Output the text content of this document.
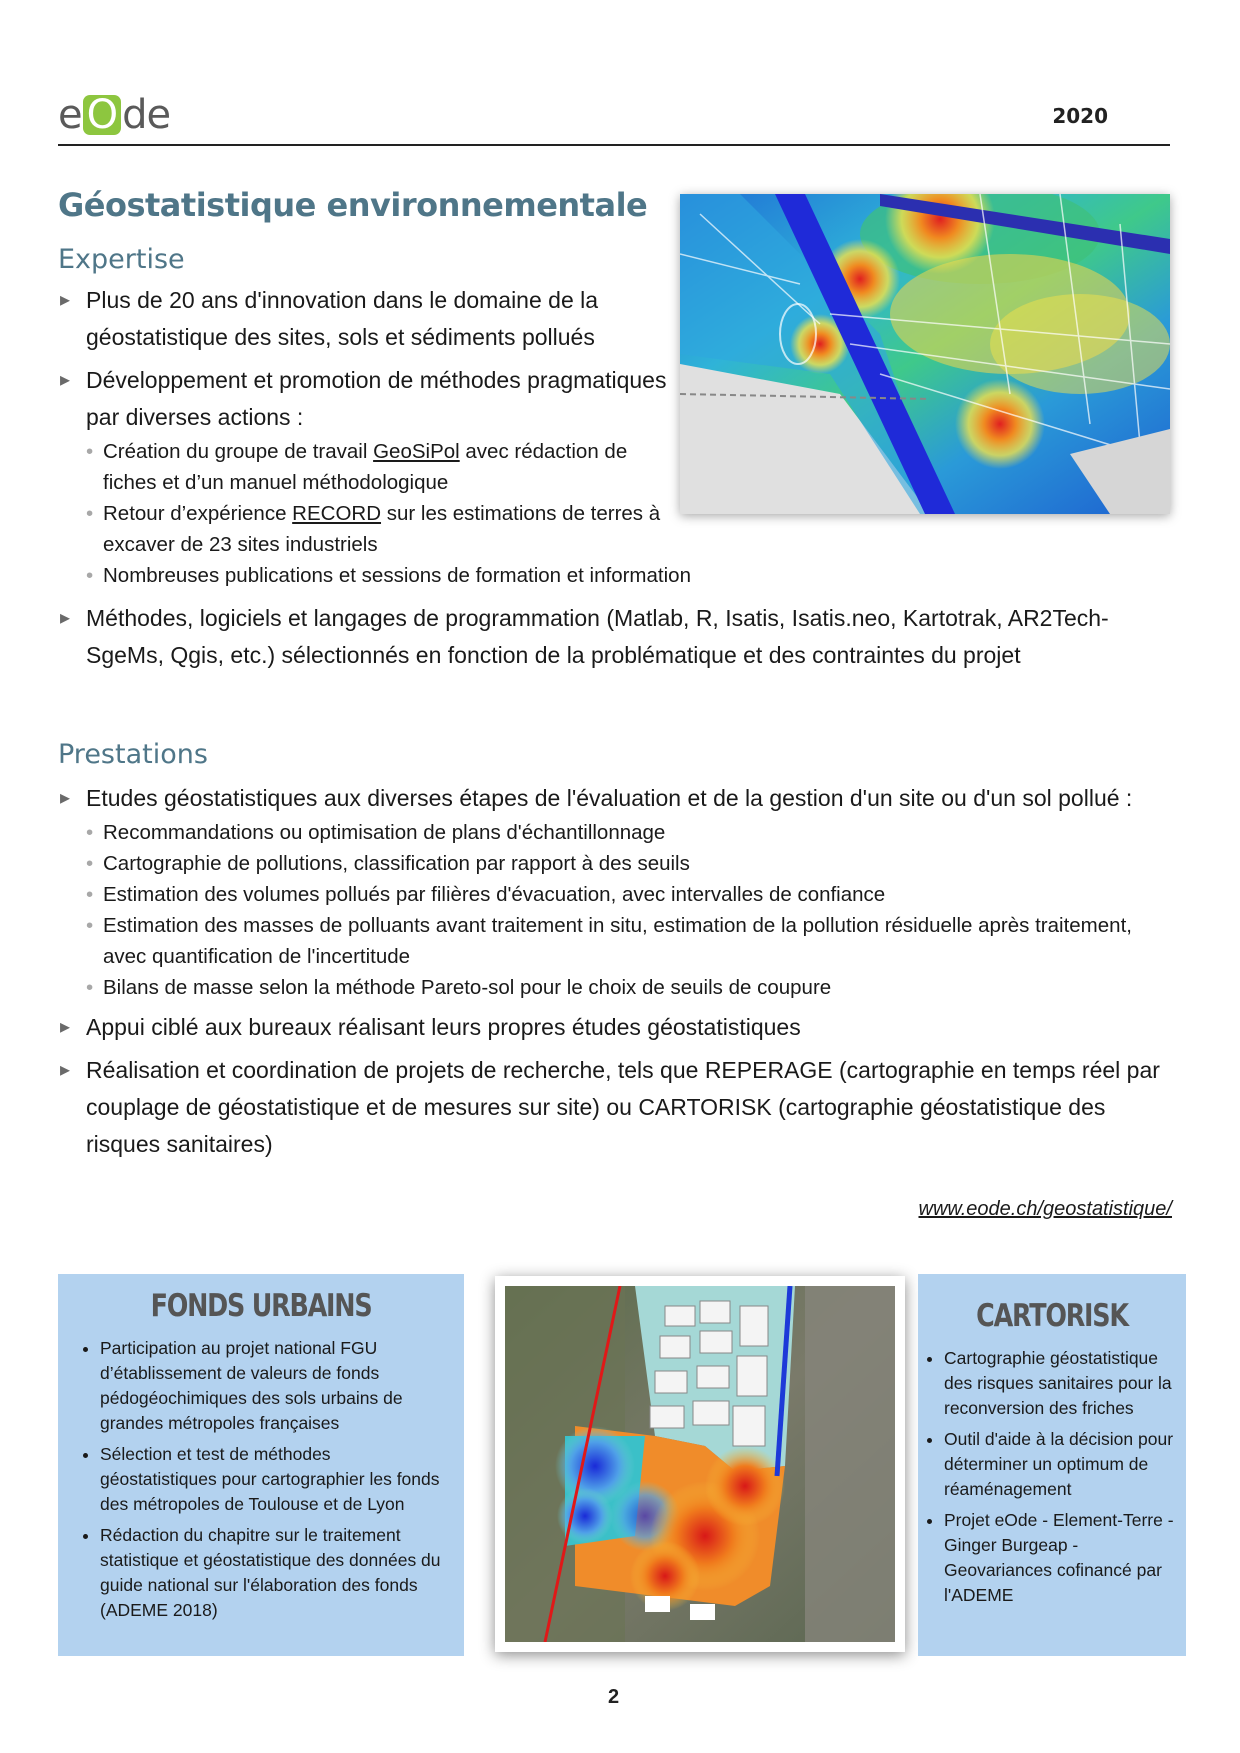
e O de	2020
Géostatistique environnementale
Expertise
▸ Plus de 20 ans d'innovation dans le domaine de la géostatistique des sites, sols et sédiments pollués
▸ Développement et promotion de méthodes pragmatiques par diverses actions :
• Création du groupe de travail GeoSiPol avec rédaction de fiches et d’un manuel méthodologique
• Retour d’expérience RECORD sur les estimations de terres à excaver de 23 sites industriels
• Nombreuses publications et sessions de formation et information
▸ Méthodes, logiciels et langages de programmation (Matlab, R, Isatis, Isatis.neo, Kartotrak, AR2Tech-SgeMs, Qgis, etc.) sélectionnés en fonction de la problématique et des contraintes du projet
Prestations
▸ Etudes géostatistiques aux diverses étapes de l'évaluation et de la gestion d'un site ou d'un sol pollué :
• Recommandations ou optimisation de plans d'échantillonnage
• Cartographie de pollutions, classification par rapport à des seuils
• Estimation des volumes pollués par filières d'évacuation, avec intervalles de confiance
• Estimation des masses de polluants avant traitement in situ, estimation de la pollution résiduelle après traitement, avec quantification de l'incertitude
• Bilans de masse selon la méthode Pareto-sol pour le choix de seuils de coupure
▸ Appui ciblé aux bureaux réalisant leurs propres études géostatistiques
▸ Réalisation et coordination de projets de recherche, tels que REPERAGE (cartographie en temps réel par couplage de géostatistique et de mesures sur site) ou CARTORISK (cartographie géostatistique des risques sanitaires)
www.eode.ch/geostatistique/
FONDS URBAINS
• Participation au projet national FGU d’établissement de valeurs de fonds pédogéochimiques des sols urbains de grandes métropoles françaises
• Sélection et test de méthodes géostatistiques pour cartographier les fonds des métropoles de Toulouse et de Lyon
• Rédaction du chapitre sur le traitement statistique et géostatistique des données du guide national sur l'élaboration des fonds (ADEME 2018)
CARTORISK
• Cartographie géostatistique des risques sanitaires pour la reconversion des friches
• Outil d'aide à la décision pour déterminer un optimum de réaménagement
• Projet eOde - Element-Terre - Ginger Burgeap - Geovariances cofinancé par l'ADEME
2
